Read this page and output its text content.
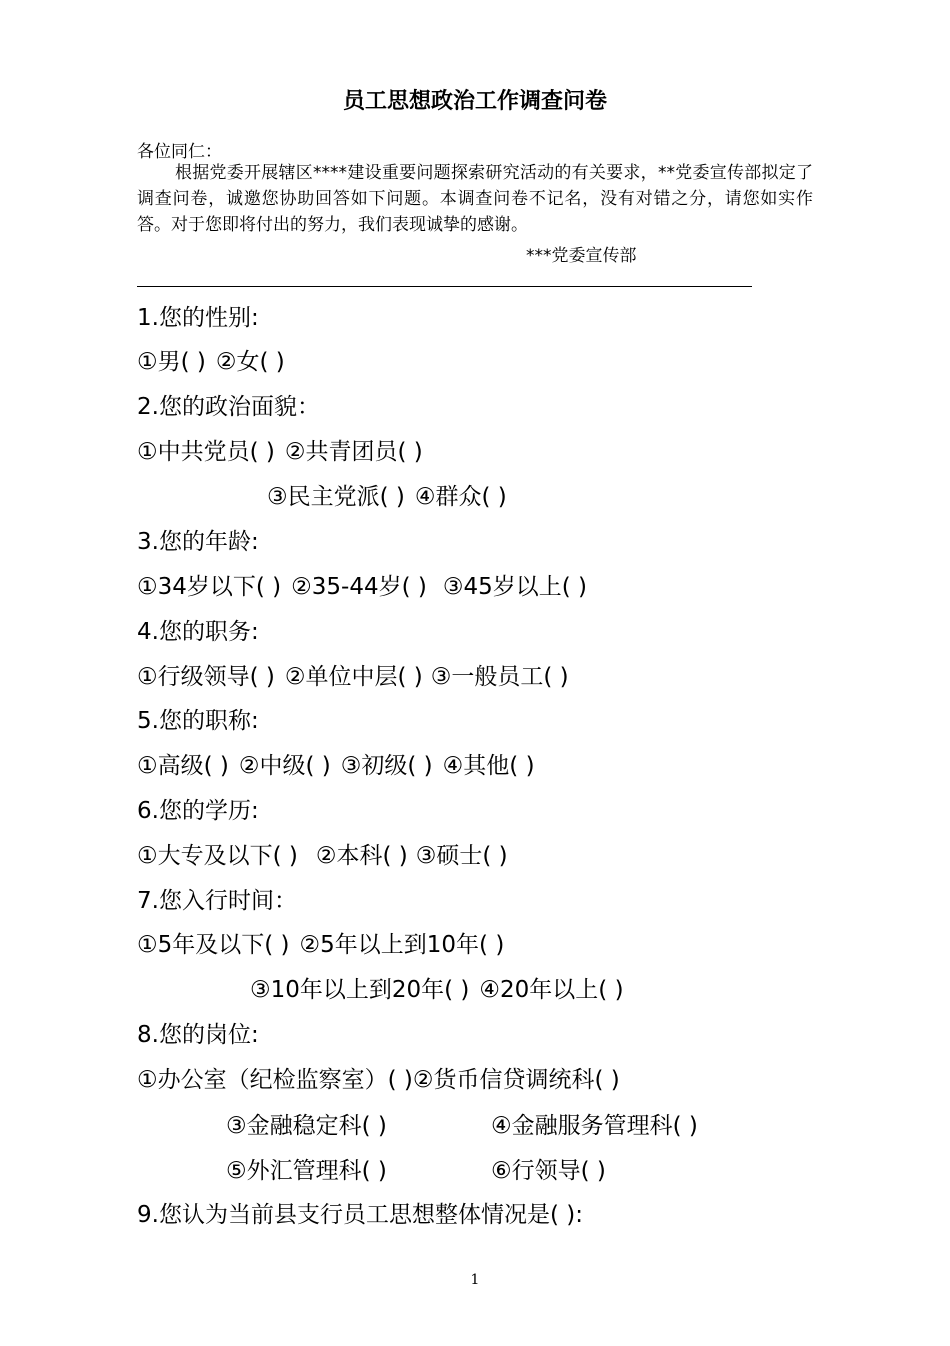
员工思想政治工作调查问卷
各位同仁：
根据党委开展辖区****建设重要问题探索研究活动的有关要求，**党委宣传部拟定了调查问卷，诚邀您协助回答如下问题。本调查问卷不记名，没有对错之分，请您如实作答。对于您即将付出的努力，我们表现诚挚的感谢。
***党委宣传部
1.您的性别:
①男( ) ②女( )
2.您的政治面貌：
①中共党员( ) ②共青团员( )
③民主党派( ) ④群众( )
3.您的年龄:
①34岁以下( ) ②35-44岁( ) ③45岁以上( )
4.您的职务:
①行级领导( ) ②单位中层( ) ③一般员工( )
5.您的职称:
①高级( ) ②中级( ) ③初级( ) ④其他( )
6.您的学历:
①大专及以下( ) ②本科( ) ③硕士( )
7.您入行时间：
①5年及以下( ) ②5年以上到10年( )
③10年以上到20年( ) ④20年以上( )
8.您的岗位:
①办公室（纪检监察室）( )②货币信贷调统科( )
③金融稳定科( )	④金融服务管理科( )
⑤外汇管理科( )	⑥行领导( )
9.您认为当前县支行员工思想整体情况是( ):
1
